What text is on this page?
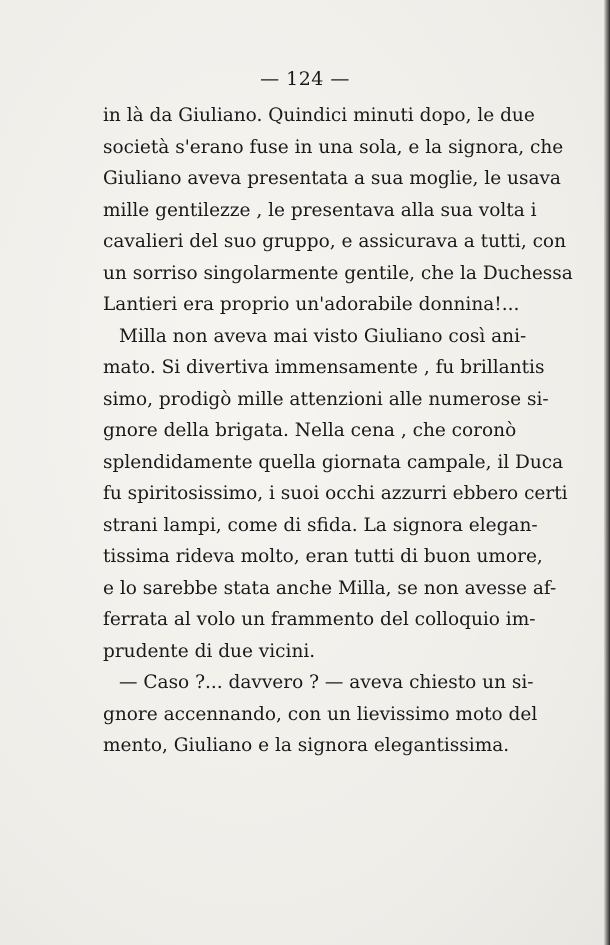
— 124 —
in là da Giuliano. Quindici minuti dopo, le due
società s'erano fuse in una sola, e la signora, che
Giuliano aveva presentata a sua moglie, le usava
mille gentilezze , le presentava alla sua volta i
cavalieri del suo gruppo, e assicurava a tutti, con
un sorriso singolarmente gentile, che la Duchessa
Lantieri era proprio un'adorabile donnina!...
Milla non aveva mai visto Giuliano così ani-
mato. Si divertiva immensamente , fu brillantis
simo, prodigò mille attenzioni alle numerose si-
gnore della brigata. Nella cena , che coronò
splendidamente quella giornata campale, il Duca
fu spiritosissimo, i suoi occhi azzurri ebbero certi
strani lampi, come di sfida. La signora elegan-
tissima rideva molto, eran tutti di buon umore,
e lo sarebbe stata anche Milla, se non avesse af-
ferrata al volo un frammento del colloquio im-
prudente di due vicini.
— Caso ?... davvero ? — aveva chiesto un si-
gnore accennando, con un lievissimo moto del
mento, Giuliano e la signora elegantissima.
